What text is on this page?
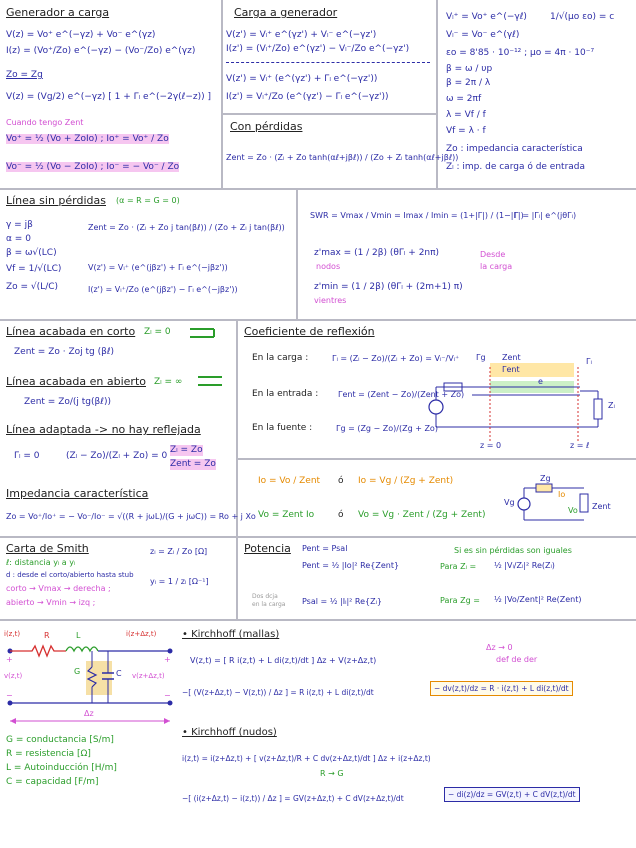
Generador a carga
V(z) = Vo⁺ e^(−γz) + Vo⁻ e^(γz)
I(z) = (Vo⁺/Zo) e^(−γz) − (Vo⁻/Zo) e^(γz)
Zo = Zg
V(z) = (Vg/2) e^(−γz) [ 1 + Γₗ e^(−2γ(ℓ−z)) ]
Cuando tengo Zent
Vo⁺ = ½ (Vo + ZoIo) ; Io⁺ = Vo⁺ / Zo
Vo⁻ = ½ (Vo − ZoIo) ; Io⁻ = − Vo⁻ / Zo
Carga a generador
V(z') = Vₗ⁺ e^(γz') + Vₗ⁻ e^(−γz')
I(z') = (Vₗ⁺/Zo) e^(γz') − Vₗ⁻/Zo e^(−γz')
V(z') = Vₗ⁺ (e^(γz') + Γₗ e^(−γz'))
I(z') = Vₗ⁺/Zo (e^(γz') − Γₗ e^(−γz'))
Con pérdidas
Zent = Zo · (Zₗ + Zo tanh(αℓ+jβℓ)) / (Zo + Zₗ tanh(αℓ+jβℓ))
Vₗ⁺ = Vo⁺ e^(−γℓ)	1/√(μo εo) = c
Vₗ⁻ = Vo⁻ e^(γℓ)
εo = 8'85 · 10⁻¹² ; μo = 4π · 10⁻⁷
β = ω / υp
β = 2π / λ
ω = 2πf
λ = Vf / f
Vf = λ · f
Zo : impedancia característica
Zₗ : imp. de carga ó de entrada
Línea sin pérdidas (α = R = G = 0)
γ = jβ
α = 0
β = ω√(LC)
Vf = 1/√(LC)
Zo = √(L/C)
Zent = Zo · (Zₗ + Zo j tan(βℓ)) / (Zo + Zₗ j tan(βℓ))
V(z') = Vₗ⁺ (e^(jβz') + Γₗ e^(−jβz'))
I(z') = Vₗ⁺/Zo (e^(jβz') − Γₗ e^(−jβz'))
SWR = Vmax / Vmin = Imax / Imin = (1+|Γ|) / (1−|Γ|)
Γₗ = |Γₗ| e^(jθΓₗ)
z'max = (1 / 2β) (θΓₗ + 2nπ)
nodos
z'min = (1 / 2β) (θΓₗ + (2m+1) π)
vientres
Desde
la carga
Línea acabada en corto Zₗ = 0
Zent = Zo · Zoj tg (βℓ)
Línea acabada en abierto Zₗ = ∞
Zent = Zo/(j tg(βℓ))
Línea adaptada -> no hay reflejada
Γₗ = 0	(Zₗ − Zo)/(Zₗ + Zo) = 0
Zₗ = Zo
Zent = Zo
Impedancia característica
Zo = Vo⁺/Io⁺ = − Vo⁻/Io⁻ = √((R + jωL)/(G + jωC)) = Ro + j Xo
Coeficiente de reflexión
En la carga :	Γₗ = (Zₗ − Zo)/(Zₗ + Zo) = Vₗ⁻/Vₗ⁺
En la entrada : Γent = (Zent − Zo)/(Zent + Zo)
En la fuente :	Γg = (Zg − Zo)/(Zg + Zo)
Γg Zent
Γent
e
Γₗ
Zₗ
z = 0	z = ℓ
Io = Vo / Zent ó Io = Vg / (Zg + Zent)
Vo = Zent Io	ó Vo = Vg · Zent / (Zg + Zent)
Vg
Zg
Io
Vo Zent
Carta de Smith	zₗ = Zₗ / Zo [Ω]
yₗ = 1 / zₗ [Ω⁻¹]
ℓ: distancia yₗ a yₗ
d : desde el corto/abierto hasta stub
corto → Vmax → derecha ;
abierto → Vmin → izq ;
Potencia Pent = Psal
Pent = ½ |Io|² Re{Zent}
Psal = ½ |Iₗ|² Re{Zₗ}
Si es sin pérdidas son iguales
Para Zₗ = ½ |Vₗ/Zₗ|² Re(Zₗ)
Para Zg = ½ |Vo/Zent|² Re(Zent)
Dos dcja
en la carga
R	L
G	C
i(z,t)	i(z+Δz,t)
v(z,t)	v(z+Δz,t)
+	+
−	−
Δz
G = conductancia [S/m]
R = resistencia [Ω]
L = Autoinducción [H/m]
C = capacidad [F/m]
• Kirchhoff (mallas)
V(z,t) = [ R i(z,t) + L di(z,t)/dt ] Δz + V(z+Δz,t)
Δz → 0
def de der
−[ (V(z+Δz,t) − V(z,t)) / Δz ] = R i(z,t) + L di(z,t)/dt	− dv(z,t)/dz = R · i(z,t) + L di(z,t)/dt
• Kirchhoff (nudos)
i(z,t) = i(z+Δz,t) + [ v(z+Δz,t)/R + C dv(z+Δz,t)/dt ] Δz + i(z+Δz,t)
R → G
−[ (i(z+Δz,t) − i(z,t)) / Δz ] = GV(z+Δz,t) + C dV(z+Δz,t)/dt	− di(z)/dz = GV(z,t) + C dV(z,t)/dt
